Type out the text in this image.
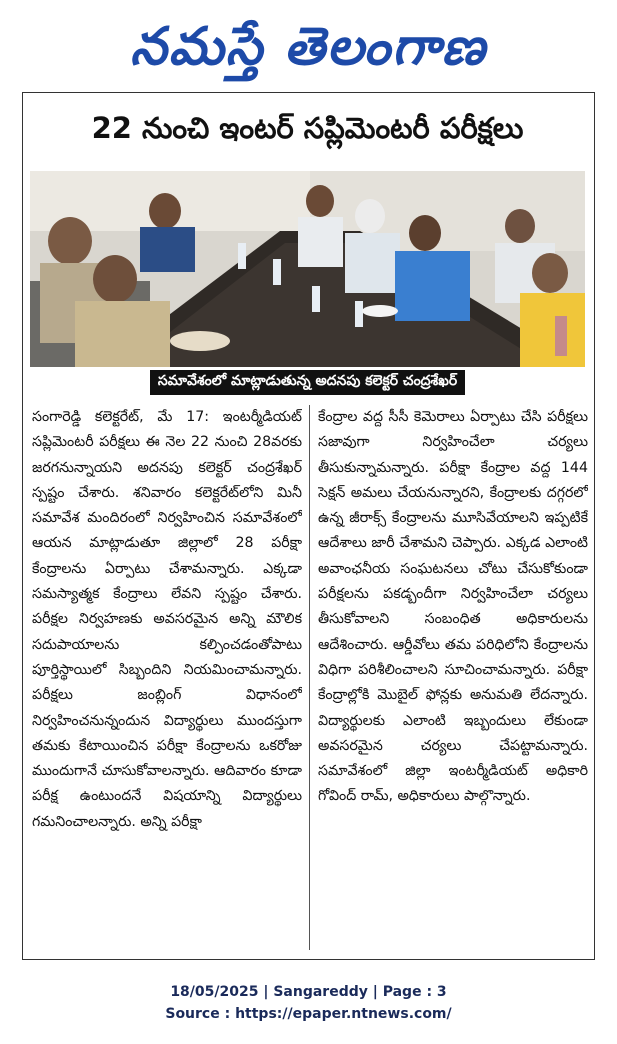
నమస్తే తెలంగాణ
22 నుంచి ఇంటర్ సప్లిమెంటరీ పరీక్షలు
సమావేశంలో మాట్లాడుతున్న అదనపు కలెక్టర్ చంద్రశేఖర్
సంగారెడ్డి కలెక్టరేట్, మే 17: ఇంటర్మీడియట్ సప్లిమెంటరీ పరీక్షలు ఈ నెల 22 నుంచి 28వరకు జరగనున్నాయని అదనపు కలెక్టర్ చంద్రశేఖర్ స్పష్టం చేశారు. శనివారం కలెక్టరేట్‌లోని మినీ సమావేశ మందిరంలో నిర్వహించిన సమావేశంలో ఆయన మాట్లాడుతూ జిల్లాలో 28 పరీక్షా కేంద్రాలను ఏర్పాటు చేశామన్నారు. ఎక్కడా సమస్యాత్మక కేంద్రాలు లేవని స్పష్టం చేశారు. పరీక్షల నిర్వహణకు అవసరమైన అన్ని మౌలిక సదుపాయాలను కల్పించడంతోపాటు పూర్తిస్థాయిలో సిబ్బందిని నియమించామన్నారు. పరీక్షలు జంబ్లింగ్ విధానంలో నిర్వహించనున్నందున విద్యార్థులు ముందస్తుగా తమకు కేటాయించిన పరీక్షా కేంద్రాలను ఒకరోజు ముందుగానే చూసుకోవాలన్నారు. ఆదివారం కూడా పరీక్ష ఉంటుందనే విషయాన్ని విద్యార్థులు గమనించాలన్నారు. అన్ని పరీక్షా
కేంద్రాల వద్ద సీసీ కెమెరాలు ఏర్పాటు చేసి పరీక్షలు సజావుగా నిర్వహించేలా చర్యలు తీసుకున్నామన్నారు. పరీక్షా కేంద్రాల వద్ద 144 సెక్షన్ అమలు చేయనున్నారని, కేంద్రాలకు దగ్గరలో ఉన్న జీరాక్స్ కేంద్రాలను మూసివేయాలని ఇప్పటికే ఆదేశాలు జారీ చేశామని చెప్పారు. ఎక్కడ ఎలాంటి అవాంఛనీయ సంఘటనలు చోటు చేసుకోకుండా పరీక్షలను పకడ్బందీగా నిర్వహించేలా చర్యలు తీసుకోవాలని సంబంధిత అధికారులను ఆదేశించారు. ఆర్డీవోలు తమ పరిధిలోని కేంద్రాలను విధిగా పరిశీలించాలని సూచించామన్నారు. పరీక్షా కేంద్రాల్లోకి మొబైల్ ఫోన్లకు అనుమతి లేదన్నారు. విద్యార్థులకు ఎలాంటి ఇబ్బందులు లేకుండా అవసరమైన చర్యలు చేపట్టామన్నారు. సమావేశంలో జిల్లా ఇంటర్మీడియట్ అధికారి గోవింద్ రామ్, అధికారులు పాల్గొన్నారు.
18/05/2025 | Sangareddy | Page : 3
Source : https://epaper.ntnews.com/
